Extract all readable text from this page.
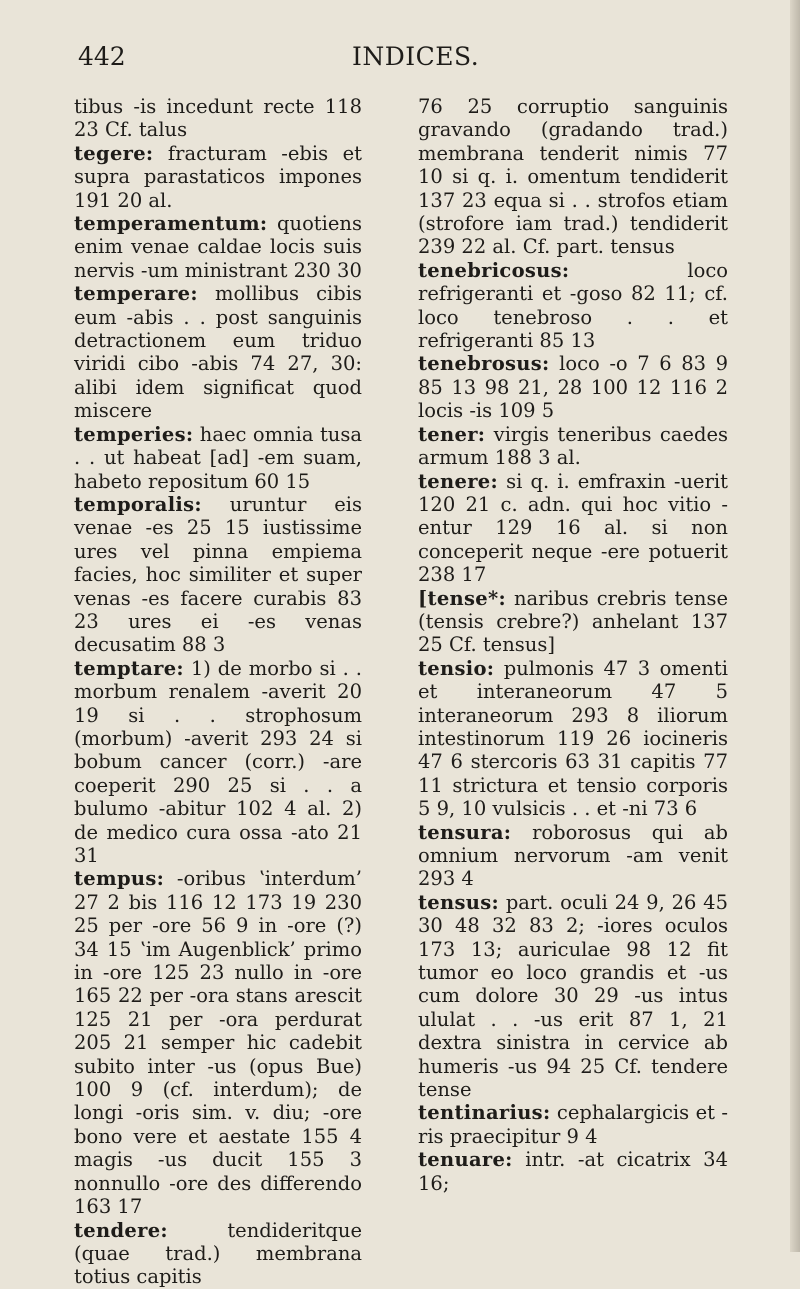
442	INDICES.
tibus -is incedunt recte 118 23 Cf. talus
tegere: fracturam -ebis et supra parastaticos impones 191 20 al.
temperamentum: quotiens enim venae caldae locis suis nervis -um ministrant 230 30
temperare: mollibus cibis eum -abis . . post sanguinis detractionem eum triduo viridi cibo -abis 74 27, 30: alibi idem significat quod miscere
temperies: haec omnia tusa . . ut habeat [ad] -em suam, habeto repositum 60 15
temporalis: uruntur eis venae -es 25 15 iustissime ures vel pinna empiema facies, hoc similiter et super venas -es facere curabis 83 23 ures ei -es venas decusatim 88 3
temptare: 1) de morbo si . . morbum renalem -averit 20 19 si . . strophosum (morbum) -averit 293 24 si bobum cancer (corr.) -are coeperit 290 25 si . . a bulumo -abitur 102 4 al. 2) de medico cura ossa -ato 21 31
tempus: -oribus ʽinterdum’ 27 2 bis 116 12 173 19 230 25 per -ore 56 9 in -ore (?) 34 15 ʽim Augenblick’ primo in -ore 125 23 nullo in -ore 165 22 per -ora stans arescit 125 21 per -ora perdurat 205 21 semper hic cadebit subito inter -us (opus Bue) 100 9 (cf. interdum); de longi -oris sim. v. diu; -ore bono vere et aestate 155 4 magis -us ducit 155 3 nonnullo -ore des differendo 163 17
tendere: tendideritque (quae trad.) membrana totius capitis
76 25 corruptio sanguinis gravando (gradando trad.) membrana tenderit nimis 77 10 si q. i. omentum tendiderit 137 23 equa si . . strofos etiam (strofore iam trad.) tendiderit 239 22 al. Cf. part. tensus
tenebricosus: loco refrigeranti et -goso 82 11; cf. loco tenebroso . . et refrigeranti 85 13
tenebrosus: loco -o 7 6 83 9 85 13 98 21, 28 100 12 116 2 locis -is 109 5
tener: virgis teneribus caedes armum 188 3 al.
tenere: si q. i. emfraxin -uerit 120 21 c. adn. qui hoc vitio -entur 129 16 al. si non conceperit neque -ere potuerit 238 17
[tense*: naribus crebris tense (tensis crebre?) anhelant 137 25 Cf. tensus]
tensio: pulmonis 47 3 omenti et interaneorum 47 5 interaneorum 293 8 iliorum intestinorum 119 26 iocineris 47 6 stercoris 63 31 capitis 77 11 strictura et tensio corporis 5 9, 10 vulsicis . . et -ni 73 6
tensura: roborosus qui ab omnium nervorum -am venit 293 4
tensus: part. oculi 24 9, 26 45 30 48 32 83 2; -iores oculos 173 13; auriculae 98 12 fit tumor eo loco grandis et -us cum dolore 30 29 -us intus ululat . . -us erit 87 1, 21 dextra sinistra in cervice ab humeris -us 94 25 Cf. tendere tense
tentinarius: cephalargicis et -ris praecipitur 9 4
tenuare: intr. -at cicatrix 34 16;
